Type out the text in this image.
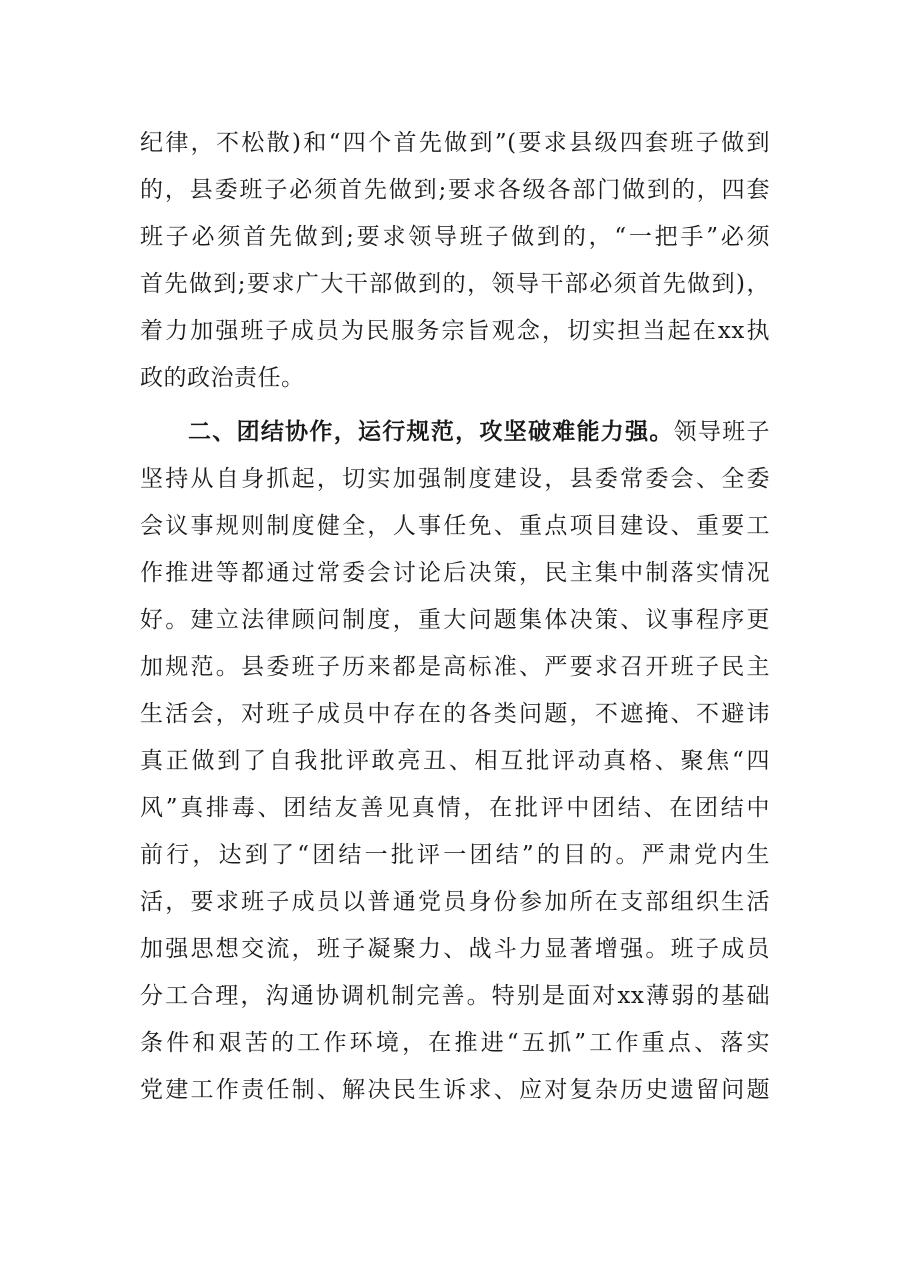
纪律，不松散)和“四个首先做到”(要求县级四套班子做到
的，县委班子必须首先做到;要求各级各部门做到的，四套
班子必须首先做到;要求领导班子做到的，“一把手”必须
首先做到;要求广大干部做到的，领导干部必须首先做到)，
着力加强班子成员为民服务宗旨观念，切实担当起在xx执
政的政治责任。
二、团结协作，运行规范，攻坚破难能力强。领导班子
坚持从自身抓起，切实加强制度建设，县委常委会、全委
会议事规则制度健全，人事任免、重点项目建设、重要工
作推进等都通过常委会讨论后决策，民主集中制落实情况
好。建立法律顾问制度，重大问题集体决策、议事程序更
加规范。县委班子历来都是高标准、严要求召开班子民主
生活会，对班子成员中存在的各类问题，不遮掩、不避讳
真正做到了自我批评敢亮丑、相互批评动真格、聚焦“四
风”真排毒、团结友善见真情，在批评中团结、在团结中
前行，达到了“团结一批评一团结”的目的。严肃党内生
活，要求班子成员以普通党员身份参加所在支部组织生活
加强思想交流，班子凝聚力、战斗力显著增强。班子成员
分工合理，沟通协调机制完善。特别是面对xx薄弱的基础
条件和艰苦的工作环境，在推进“五抓”工作重点、落实
党建工作责任制、解决民生诉求、应对复杂历史遗留问题
